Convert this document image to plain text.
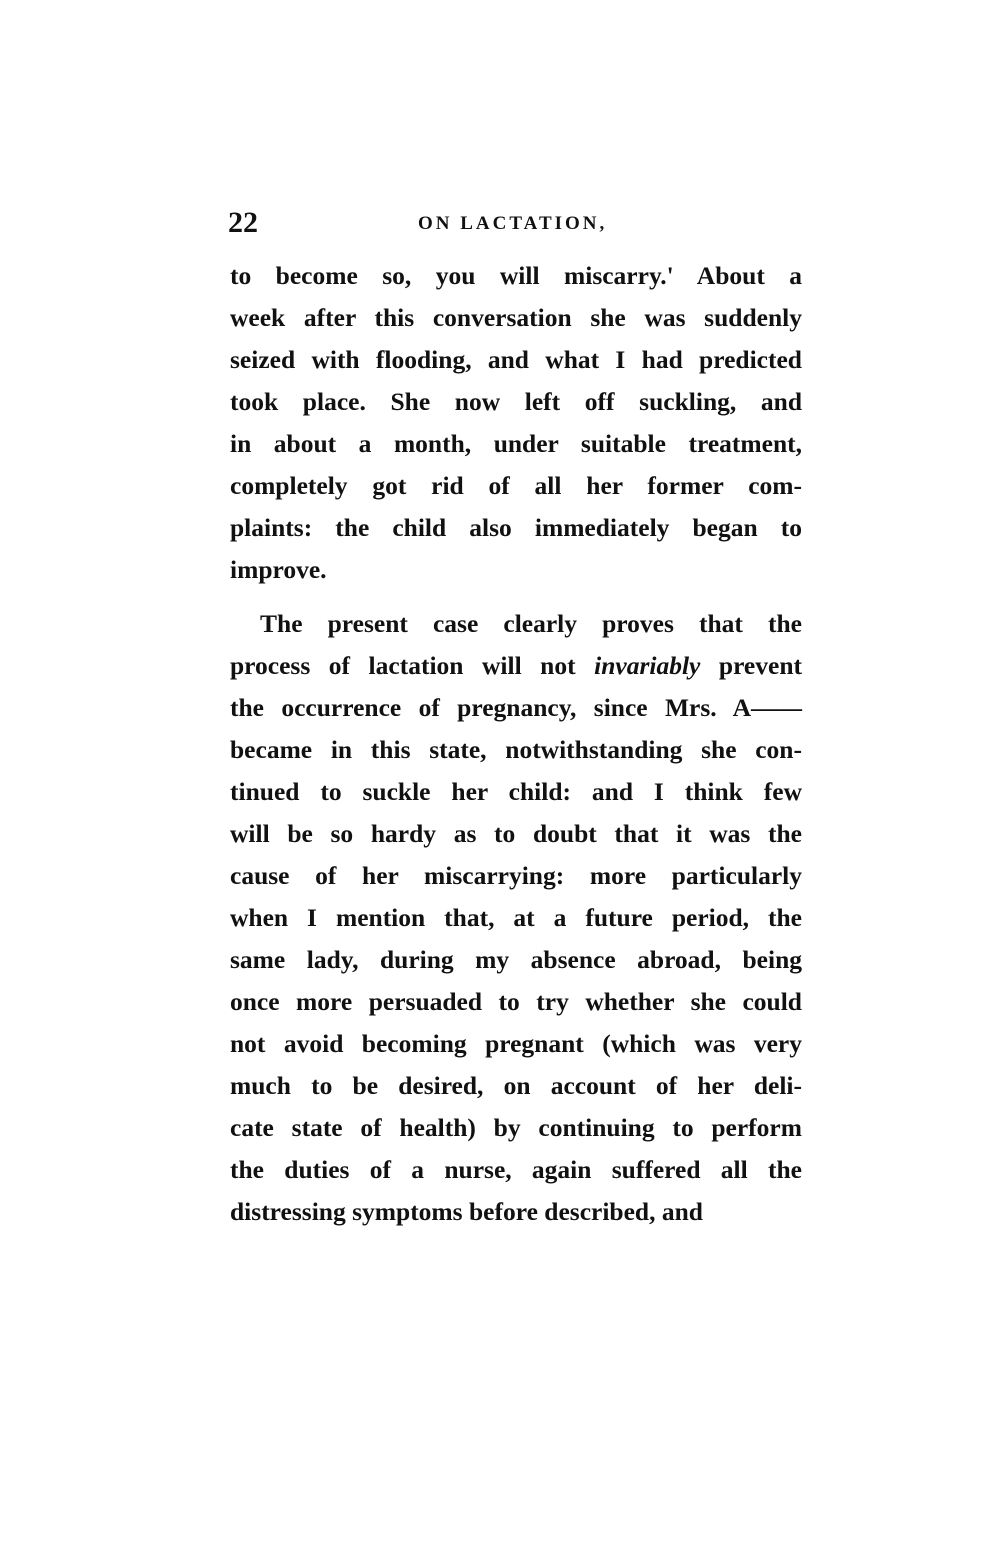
22	ON LACTATION,
to become so, you will miscarry.' About a
week after this conversation she was suddenly
seized with flooding, and what I had predicted
took place. She now left off suckling, and
in about a month, under suitable treatment,
completely got rid of all her former com-
plaints: the child also immediately began to
improve.
The present case clearly proves that the
process of lactation will not invariably prevent
the occurrence of pregnancy, since Mrs. A——
became in this state, notwithstanding she con-
tinued to suckle her child: and I think few
will be so hardy as to doubt that it was the
cause of her miscarrying: more particularly
when I mention that, at a future period, the
same lady, during my absence abroad, being
once more persuaded to try whether she could
not avoid becoming pregnant (which was very
much to be desired, on account of her deli-
cate state of health) by continuing to perform
the duties of a nurse, again suffered all the
distressing symptoms before described, and
